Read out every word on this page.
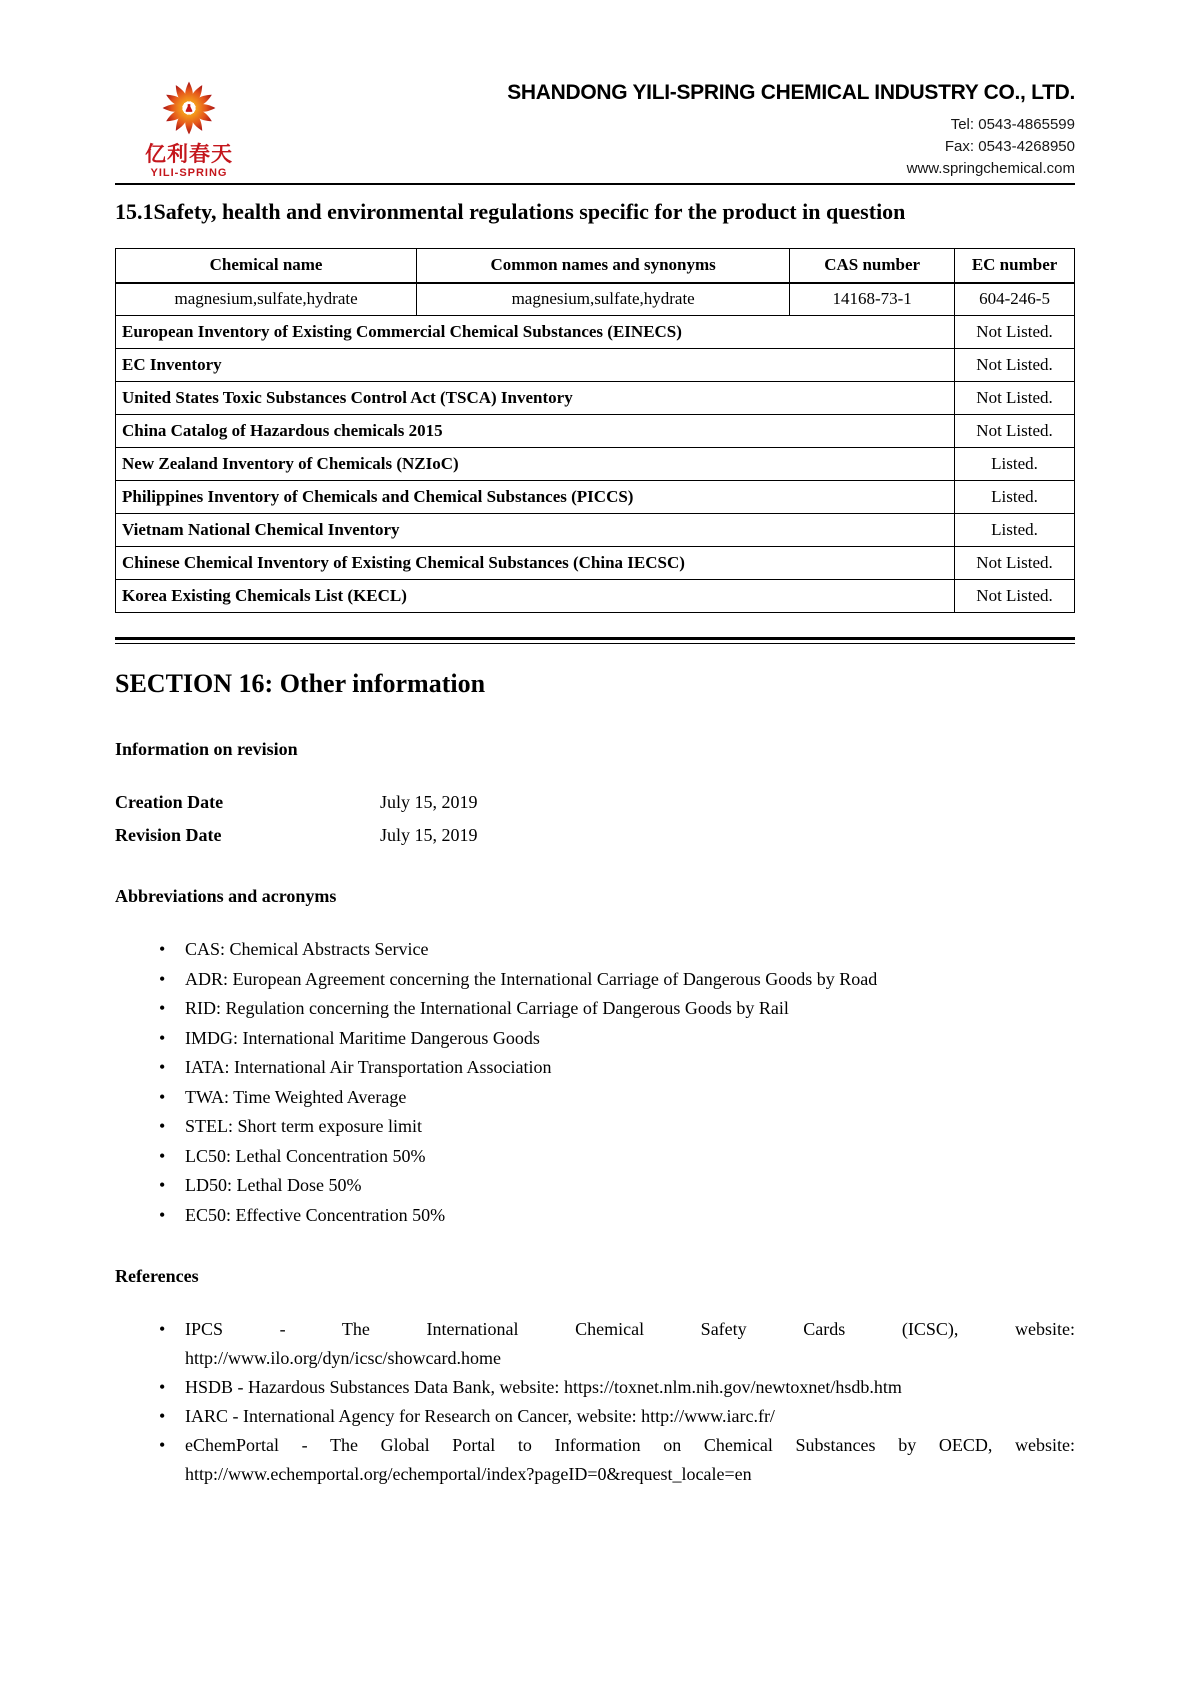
亿利春天
YILI-SPRING
SHANDONG YILI-SPRING CHEMICAL INDUSTRY CO., LTD.
Tel: 0543-4865599
Fax: 0543-4268950
www.springchemical.com
15.1Safety, health and environmental regulations specific for the product in question
Chemical name	Common names and synonyms	CAS number	EC number
magnesium,sulfate,hydrate	magnesium,sulfate,hydrate	14168-73-1	604-246-5
European Inventory of Existing Commercial Chemical Substances (EINECS)			Not Listed.
EC Inventory			Not Listed.
United States Toxic Substances Control Act (TSCA) Inventory			Not Listed.
China Catalog of Hazardous chemicals 2015			Not Listed.
New Zealand Inventory of Chemicals (NZIoC)			Listed.
Philippines Inventory of Chemicals and Chemical Substances (PICCS)			Listed.
Vietnam National Chemical Inventory			Listed.
Chinese Chemical Inventory of Existing Chemical Substances (China IECSC)			Not Listed.
Korea Existing Chemicals List (KECL)			Not Listed.
SECTION 16: Other information
Information on revision
Creation Date	July 15, 2019
Revision Date	July 15, 2019
Abbreviations and acronyms
• CAS: Chemical Abstracts Service
• ADR: European Agreement concerning the International Carriage of Dangerous Goods by Road
• RID: Regulation concerning the International Carriage of Dangerous Goods by Rail
• IMDG: International Maritime Dangerous Goods
• IATA: International Air Transportation Association
• TWA: Time Weighted Average
• STEL: Short term exposure limit
• LC50: Lethal Concentration 50%
• LD50: Lethal Dose 50%
• EC50: Effective Concentration 50%
References
• IPCS - The International Chemical Safety Cards (ICSC), website:
http://www.ilo.org/dyn/icsc/showcard.home
• HSDB - Hazardous Substances Data Bank, website: https://toxnet.nlm.nih.gov/newtoxnet/hsdb.htm
• IARC - International Agency for Research on Cancer, website: http://www.iarc.fr/
• eChemPortal - The Global Portal to Information on Chemical Substances by OECD, website:
http://www.echemportal.org/echemportal/index?pageID=0&request_locale=en
